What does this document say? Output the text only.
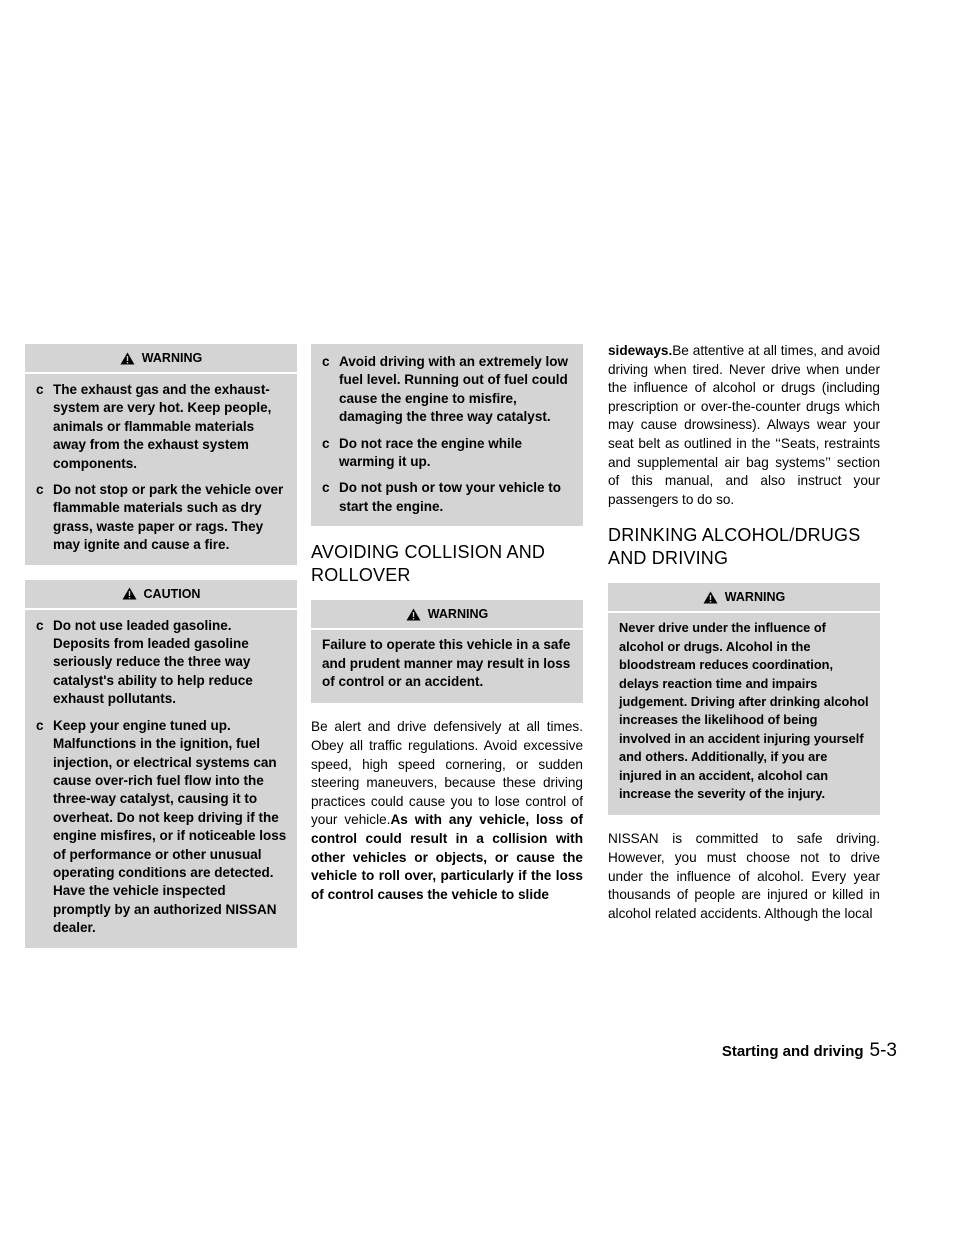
WARNING
c The exhaust gas and the exhaust-system are very hot. Keep people, animals or flammable materials away from the exhaust system components.
c Do not stop or park the vehicle over flammable materials such as dry grass, waste paper or rags. They may ignite and cause a fire.
CAUTION
c Do not use leaded gasoline. Deposits from leaded gasoline seriously reduce the three way catalyst's ability to help reduce exhaust pollutants.
c Keep your engine tuned up. Malfunctions in the ignition, fuel injection, or electrical systems can cause over-rich fuel flow into the three-way catalyst, causing it to overheat. Do not keep driving if the engine misfires, or if noticeable loss of performance or other unusual operating conditions are detected. Have the vehicle inspected promptly by an authorized NISSAN dealer.
c Avoid driving with an extremely low fuel level. Running out of fuel could cause the engine to misfire, damaging the three way catalyst.
c Do not race the engine while warming it up.
c Do not push or tow your vehicle to start the engine.
AVOIDING COLLISION AND ROLLOVER
WARNING
Failure to operate this vehicle in a safe and prudent manner may result in loss of control or an accident.

Be alert and drive defensively at all times. Obey all traffic regulations. Avoid excessive speed, high speed cornering, or sudden steering maneuvers, because these driving practices could cause you to lose control of your vehicle.As with any vehicle, loss of control could result in a collision with other vehicles or objects, or cause the vehicle to roll over, particularly if the loss of control causes the vehicle to slide

sideways.Be attentive at all times, and avoid driving when tired. Never drive when under the influence of alcohol or drugs (including prescription or over-the-counter drugs which may cause drowsiness). Always wear your seat belt as outlined in the ‘‘Seats, restraints and supplemental air bag systems’’ section of this manual, and also instruct your passengers to do so.

DRINKING ALCOHOL/DRUGS AND DRIVING
WARNING
Never drive under the influence of alcohol or drugs. Alcohol in the bloodstream reduces coordination, delays reaction time and impairs judgement. Driving after drinking alcohol increases the likelihood of being involved in an accident injuring yourself and others. Additionally, if you are injured in an accident, alcohol can increase the severity of the injury.

NISSAN is committed to safe driving. However, you must choose not to drive under the influence of alcohol. Every year thousands of people are injured or killed in alcohol related accidents. Although the local

Starting and driving 5-3
